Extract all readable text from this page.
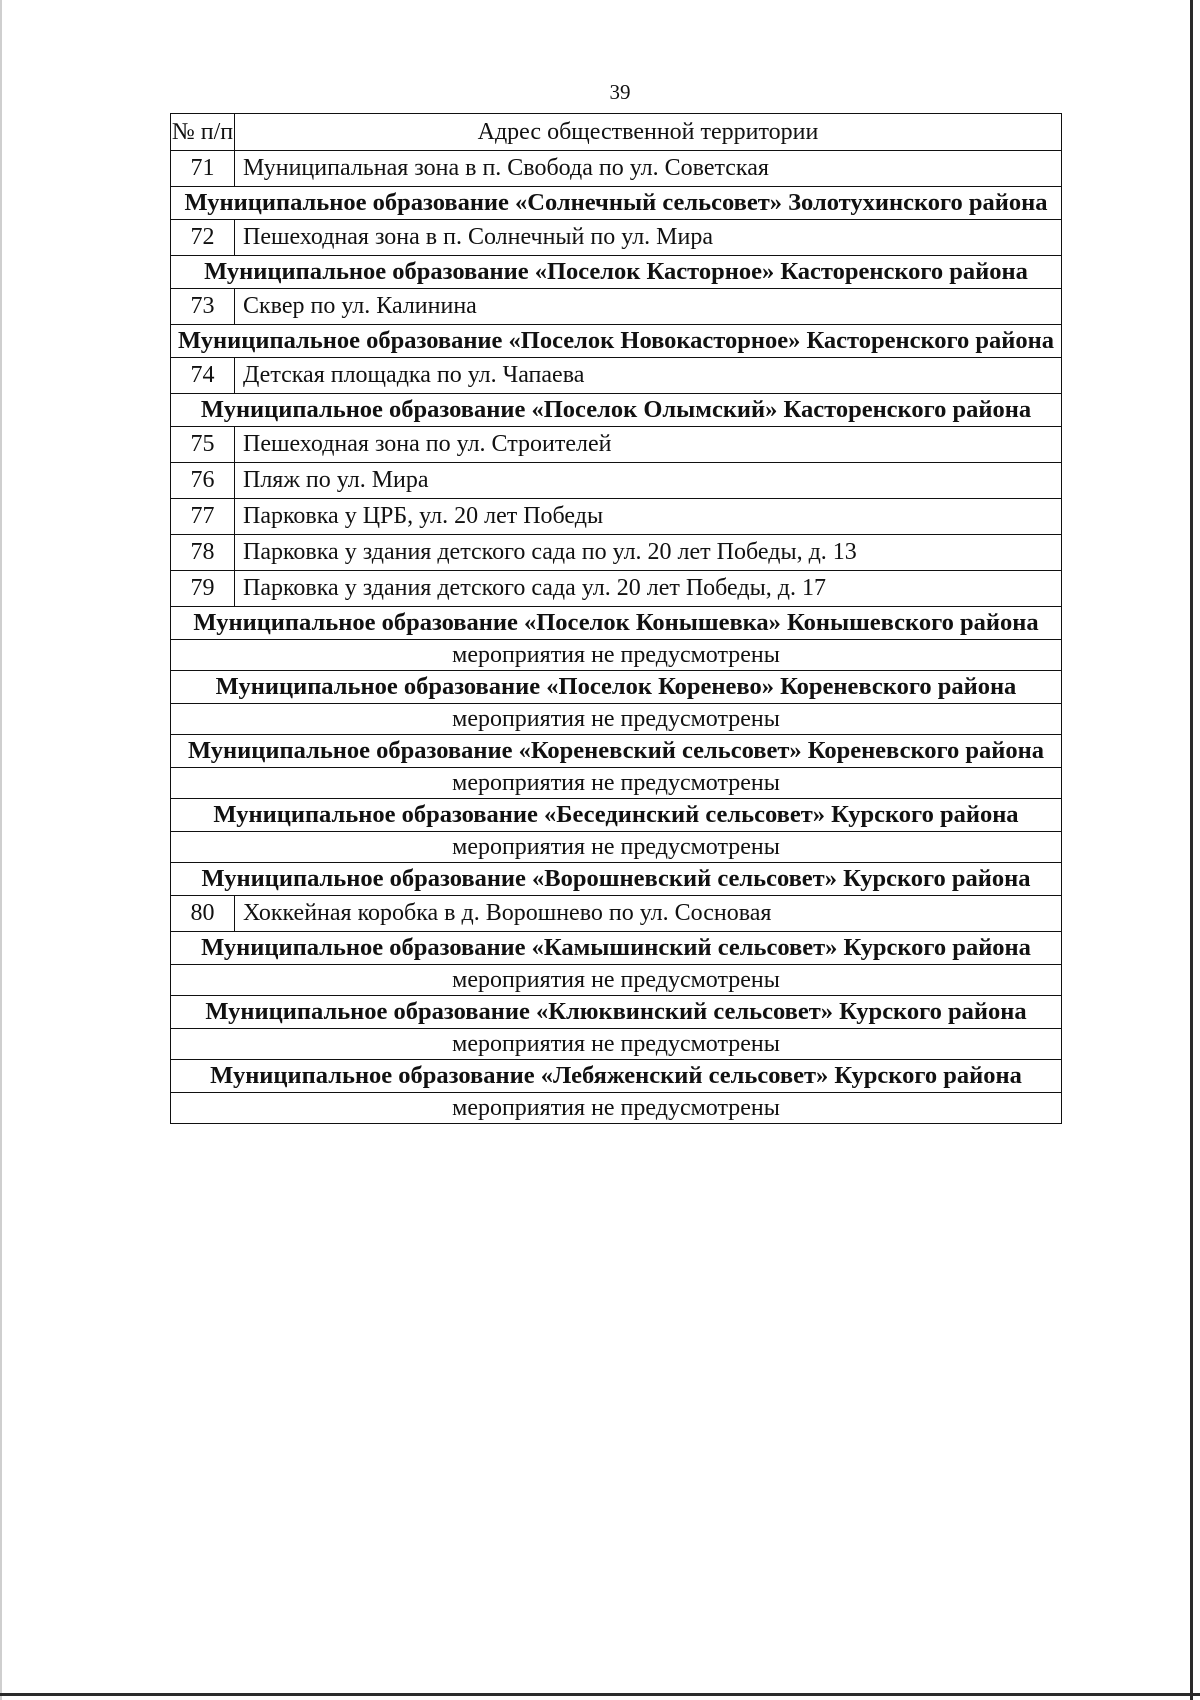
39
№ п/п	Адрес общественной территории
71	Муниципальная зона в п. Свобода по ул. Советская
Муниципальное образование «Солнечный сельсовет» Золотухинского района	
72	Пешеходная зона в п. Солнечный по ул. Мира
Муниципальное образование «Поселок Касторное» Касторенского района	
73	Сквер по ул. Калинина
Муниципальное образование «Поселок Новокасторное» Касторенского района	
74	Детская площадка по ул. Чапаева
Муниципальное образование «Поселок Олымский» Касторенского района	
75	Пешеходная зона по ул. Строителей
76	Пляж по ул. Мира
77	Парковка у ЦРБ, ул. 20 лет Победы
78	Парковка у здания детского сада по ул. 20 лет Победы, д. 13
79	Парковка у здания детского сада ул. 20 лет Победы, д. 17
Муниципальное образование «Поселок Конышевка» Конышевского района	
мероприятия не предусмотрены	
Муниципальное образование «Поселок Коренево» Кореневского района	
мероприятия не предусмотрены	
Муниципальное образование «Кореневский сельсовет» Кореневского района	
мероприятия не предусмотрены	
Муниципальное образование «Бесединский сельсовет» Курского района	
мероприятия не предусмотрены	
Муниципальное образование «Ворошневский сельсовет» Курского района	
80	Хоккейная коробка в д. Ворошнево по ул. Сосновая
Муниципальное образование «Камышинский сельсовет» Курского района	
мероприятия не предусмотрены	
Муниципальное образование «Клюквинский сельсовет» Курского района	
мероприятия не предусмотрены	
Муниципальное образование «Лебяженский сельсовет» Курского района	
мероприятия не предусмотрены	
